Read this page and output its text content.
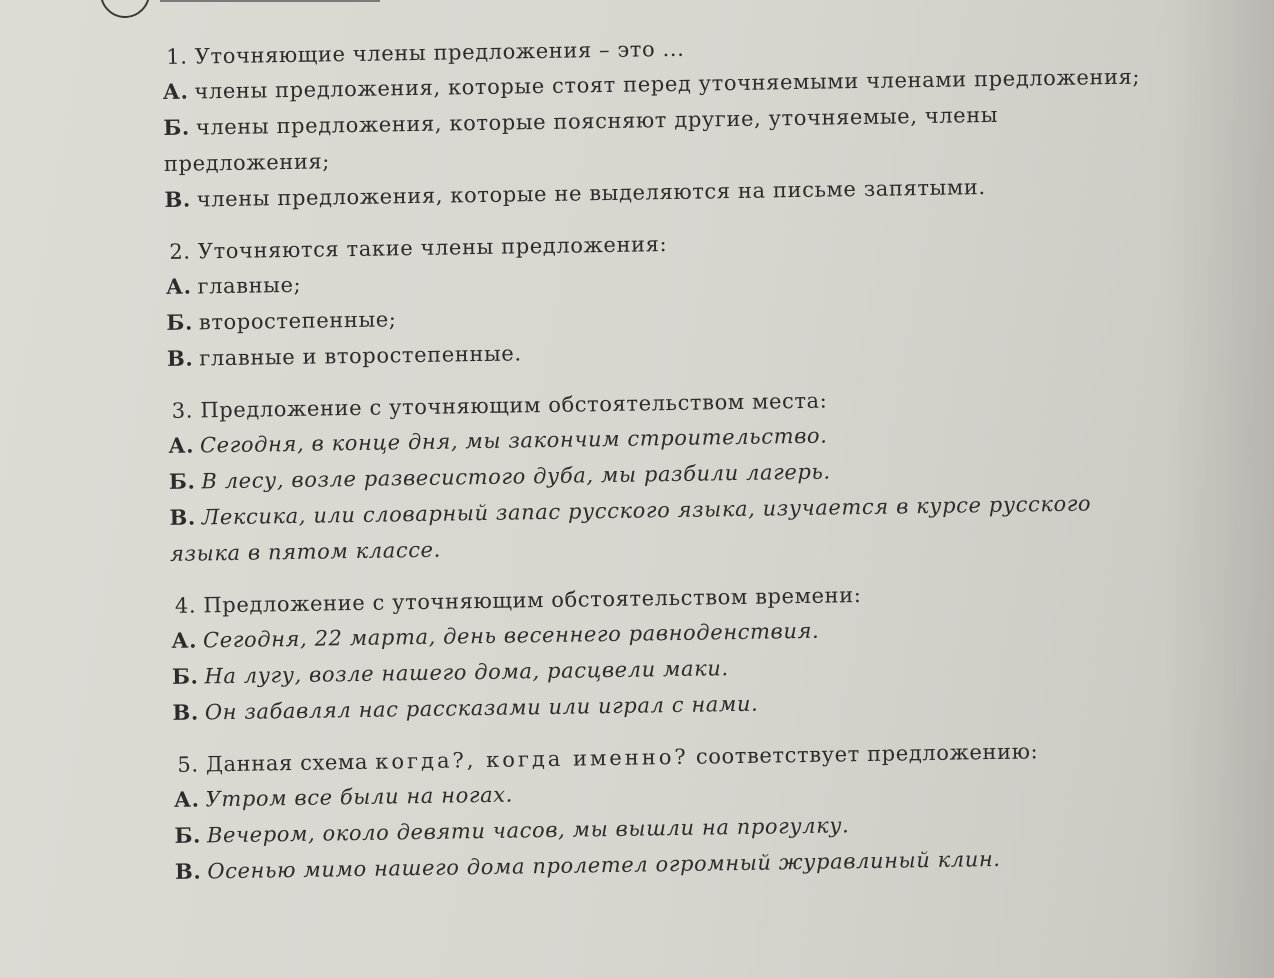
1. Уточняющие члены предложения – это ...
А. члены предложения, которые стоят перед уточняемыми членами предложения;
Б. члены предложения, которые поясняют другие, уточняемые, члены предложения;
В. члены предложения, которые не выделяются на письме запятыми.
2. Уточняются такие члены предложения:
А. главные;
Б. второстепенные;
В. главные и второстепенные.
3. Предложение с уточняющим обстоятельством места:
А. Сегодня, в конце дня, мы закончим строительство.
Б. В лесу, возле развесистого дуба, мы разбили лагерь.
В. Лексика, или словарный запас русского языка, изучается в курсе русского языка в пятом классе.
4. Предложение с уточняющим обстоятельством времени:
А. Сегодня, 22 марта, день весеннего равноденствия.
Б. На лугу, возле нашего дома, расцвели маки.
В. Он забавлял нас рассказами или играл с нами.
5. Данная схема когда?, когда именно? соответствует предложению:
А. Утром все были на ногах.
Б. Вечером, около девяти часов, мы вышли на прогулку.
В. Осенью мимо нашего дома пролетел огромный журавлиный клин.
